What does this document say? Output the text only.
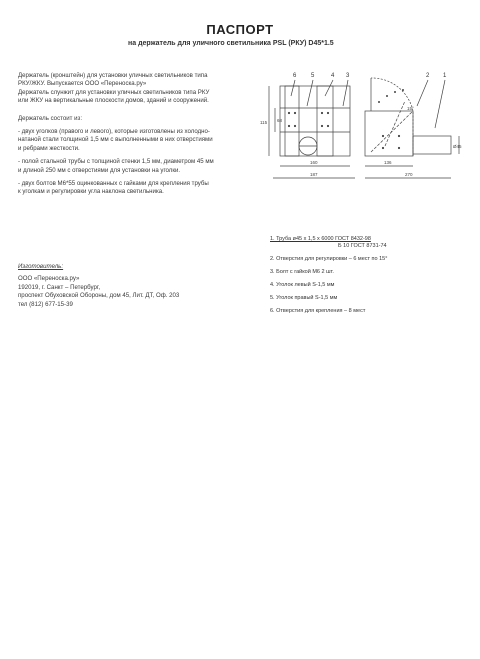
ПАСПОРТ
на держатель для уличного светильника PSL (РКУ) D45*1.5
Держатель (кронштейн) для установки уличных светильников типа
РКУ/ЖКУ. Выпускается ООО «Переноска.ру»
Держатель слунжит для установки уличных светильников типа РКУ
или ЖКУ на вертикальные плоскости домов, зданий и сооружений.
Держатель состоит из:
- двух уголков (правого и левого), которые изготовлены из холодно-
натаной стали толщиной 1,5 мм с выполненными в них отверстиями
и ребрами жесткости.
- полой стальной трубы с толщиной стенки 1,5 мм, диаметром 45 мм
и длиной 250 мм с отверстиями для установки на уголки.
- двух болтов М6*55 оцинкованных с гайками для крепления трубы
к уголкам и регулировки угла наклона светильника.
6 5	4 3	2 1
160
187
115 68
136
270
15°
Ø45
1. Труба ø45 х 1,5 х 6000 ГОСТ 8432-98
Б 10 ГОСТ 8731-74
2. Отверстия для регулировки – 6 мест по 15°
3. Болт с гайкой М6 2 шт.
4. Уголок левый S-1,5 мм
5. Уголок правый S-1,5 мм
6. Отверстия для крепления – 8 мест
Изготовитель:
ООО «Переноска.ру»
192019, г. Санкт – Петербург,
проспект Обуховской Обороны, дом 45, Лит. ДТ, Оф. 203
тел (812) 677-15-39
